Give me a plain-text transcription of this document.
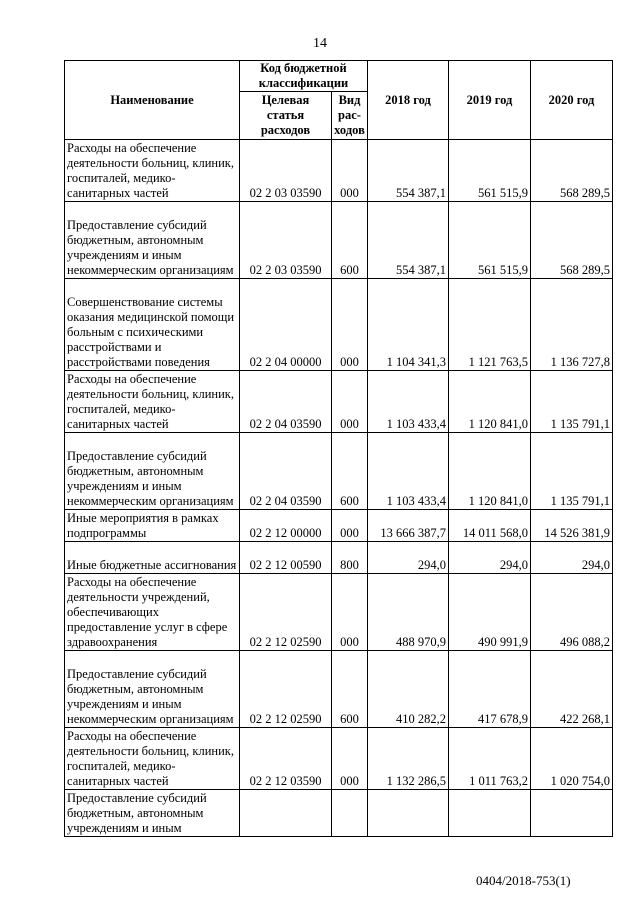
14
Наименование	Код бюджетной классификации		2018 год	2019 год	2020 год
	Целевая статья расходов	Вид рас-ходов			
Расходы на обеспечение деятельности больниц, клиник, госпиталей, медико-санитарных частей	02 2 03 03590	000	554 387,1	561 515,9	568 289,5
Предоставление субсидий бюджетным, автономным учреждениям и иным некоммерческим организациям	02 2 03 03590	600	554 387,1	561 515,9	568 289,5
Совершенствование системы оказания медицинской помощи больным с психическими расстройствами и расстройствами поведения	02 2 04 00000	000	1 104 341,3	1 121 763,5	1 136 727,8
Расходы на обеспечение деятельности больниц, клиник, госпиталей, медико-санитарных частей	02 2 04 03590	000	1 103 433,4	1 120 841,0	1 135 791,1
Предоставление субсидий бюджетным, автономным учреждениям и иным некоммерческим организациям	02 2 04 03590	600	1 103 433,4	1 120 841,0	1 135 791,1
Иные мероприятия в рамках подпрограммы	02 2 12 00000	000	13 666 387,7	14 011 568,0	14 526 381,9
Иные бюджетные ассигнования	02 2 12 00590	800	294,0	294,0	294,0
Расходы на обеспечение деятельности учреждений, обеспечивающих предоставление услуг в сфере здравоохранения	02 2 12 02590	000	488 970,9	490 991,9	496 088,2
Предоставление субсидий бюджетным, автономным учреждениям и иным некоммерческим организациям	02 2 12 02590	600	410 282,2	417 678,9	422 268,1
Расходы на обеспечение деятельности больниц, клиник, госпиталей, медико-санитарных частей	02 2 12 03590	000	1 132 286,5	1 011 763,2	1 020 754,0
Предоставление субсидий бюджетным, автономным учреждениям и иным					
0404/2018-753(1)
